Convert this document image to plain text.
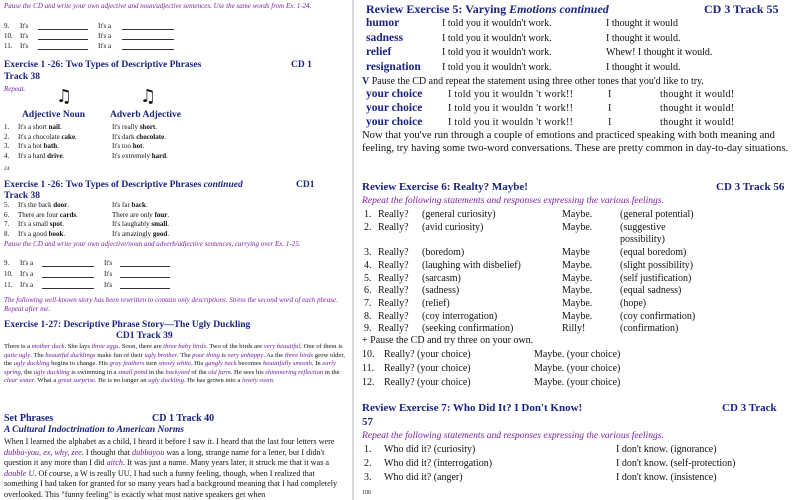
Pause the CD and write your own adjective and noun/adjective sentences. Use the same words from Ex. 1-24.
9. It's	It's a
10. It's	It's a
11. It's	It's a
Exercise 1 -26: Two Types of Descriptive Phrases	CD 1
Track 38
Repeat. ♫	♫
Adjective Noun	Adverb Adjective
1. It's a short nail.	It's really short.
2. It's a chocolate cake.	It's dark chocolate.
3. It's a hot bath.	It's too hot.
4. It's a hard drive.	It's extremely hard.
24
Exercise 1 -26: Two Types of Descriptive Phrases continued	CD1
Track 38
5. It's the back door.	It's far back.
6. There are four cards.	There are only four.
7. It's a small spot.	It's laughably small.
8. It's a good book.	It's amazingly good.
Pause the CD and write your own adjective/noun and adverb/adjective sentences, carrying over Ex. 1-25.
9. It's a	It's
10. It's a	It's
11. It's a	It's
The following well-known story has been rewritten to contain only descriptions. Stress the second word of each phrase. Repeat after me.
Exercise 1-27: Descriptive Phrase Story—The Ugly Duckling
CD1 Track 39
There is a mother duck. She lays three eggs. Soon, there are three baby birds. Two of the birds are very beautiful. One of them is quite ugly. The beautiful ducklings make fun of their ugly brother. The poor thing is very unhappy. As the three birds grow older, the ugly duckling begins to change. His gray feathers turn snowy white. His gangly neck becomes beautifully smooth. In early spring, the ugly duckling is swimming in a small pond in the backyard of the old farm. He sees his shimmering reflection in the clear water. What a great surprise. He is no longer an ugly duckling. He has grown into a lovely swan.
Set Phrases	CD 1 Track 40
A Cultural Indoctrination to American Norms
When I learned the alphabet as a child, I heard it before I saw it. I heard that the last four letters were dubba-you, ex, why, zee. I thought that dubbayou was a long, strange name for a letter, but I didn't question it any more than I did aitch. It was just a name. Many years later, it struck me that it was a double U. Of course, a W is really UU. I had such a funny feeling, though, when I realized that something I had taken for granted for so many years had a background meaning that I had completely overlooked. This "funny feeling" is exactly what most native speakers get when
Review Exercise 5: Varying Emotions continued	CD 3 Track 55
humor	I told you it wouldn't work.	I thought it would
sadness	I told you it wouldn't work.	I thought it would.
relief	I told you it wouldn't work.	Whew! I thought it would.
resignation I told you it wouldn't work.	I thought it would.
V Pause the CD and repeat the statement using three other tones that you'd like to try.
your choice	I told you it wouldn 't work!!	I	thought it would!
your choice	I told you it wouldn 't work!!	I	thought it would!
your choice	I told you it wouldn 't work!!	I	thought it would!
Now that you've run through a couple of emotions and practiced speaking with both meaning and feeling, try having some two-word conversations. These are pretty common in day-to-day situations.
Review Exercise 6: Realty? Maybe!	CD 3 Track 56
Repeat the following statements and responses expressing the various feelings.
1. Really? (general curiosity)	Maybe.	(general potential)
2. Really? (avid curiosity)	Maybe.	(suggestive
possibility)
3. Really? (boredom)	Maybe	(equal boredom)
4. Really? (laughing with disbelief)	Maybe.	(slight possibility)
5. Really? (sarcasm)	Maybe.	(self justification)
6. Really? (sadness)	Maybe.	(equal sadness)
7. Really? (relief)	Maybe.	(hope)
8. Really? (coy interrogation)	Maybe.	(coy confirmation)
9. Really? (seeking confirmation)	Rilly!	(confirmation)
+ Pause the CD and try three on your own.
10. Really? (your choice)	Maybe. (your choice)
11. Really? (your choice)	Maybe. (your choice)
12. Really? (your choice)	Maybe. (your choice)
Review Exercise 7: Who Did It? I Don't Know!	CD 3 Track
57
Repeat the following statements and responses expressing the various feelings.
1. Who did it? (curiosity)	I don't know. (ignorance)
2. Who did it? (interrogation)	I don't know. (self-protection)
3. Who did it? (anger)	I don't know. (insistence)
106
